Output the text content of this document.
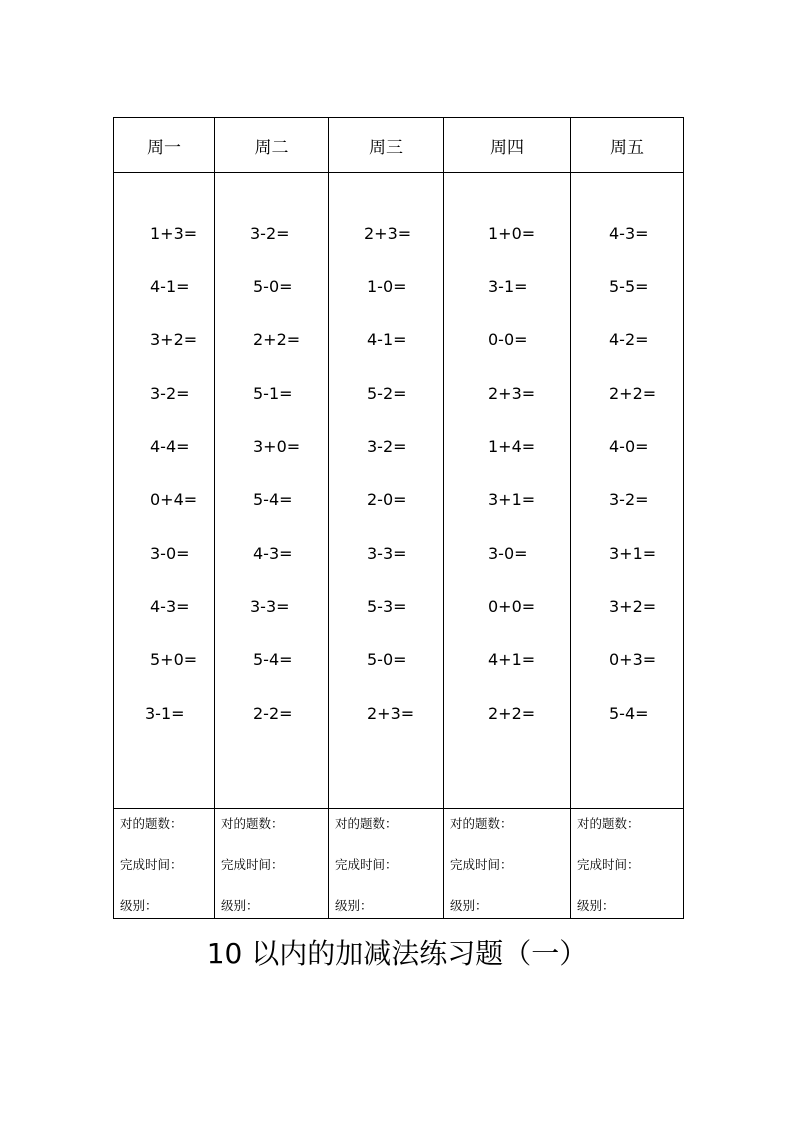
周一
1+3=
4-1=
3+2=
3-2=
4-4=
0+4=
3-0=
4-3=
5+0=
3-1=
对的题数：
完成时间：
级别：
周二
3-2=
5-0=
2+2=
5-1=
3+0=
5-4=
4-3=
3-3=
5-4=
2-2=
对的题数：
完成时间：
级别：
周三
2+3=
1-0=
4-1=
5-2=
3-2=
2-0=
3-3=
5-3=
5-0=
2+3=
对的题数：
完成时间：
级别：
周四
1+0=
3-1=
0-0=
2+3=
1+4=
3+1=
3-0=
0+0=
4+1=
2+2=
对的题数：
完成时间：
级别：
周五
4-3=
5-5=
4-2=
2+2=
4-0=
3-2=
3+1=
3+2=
0+3=
5-4=
对的题数：
完成时间：
级别：
10 以内的加减法练习题（一）
